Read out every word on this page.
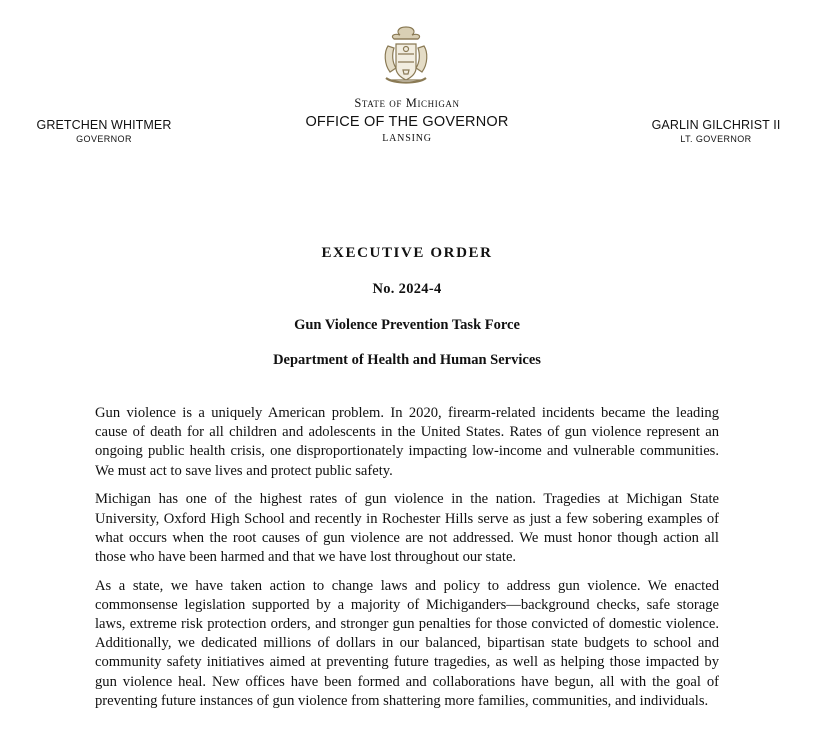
GRETCHEN WHITMER
GOVERNOR
State of Michigan
OFFICE OF THE GOVERNOR
LANSING
GARLIN GILCHRIST II
LT. GOVERNOR
EXECUTIVE ORDER
No. 2024-4
Gun Violence Prevention Task Force
Department of Health and Human Services

Gun violence is a uniquely American problem. In 2020, firearm-related incidents became the leading cause of death for all children and adolescents in the United States. Rates of gun violence represent an ongoing public health crisis, one disproportionately impacting low-income and vulnerable communities. We must act to save lives and protect public safety.

Michigan has one of the highest rates of gun violence in the nation. Tragedies at Michigan State University, Oxford High School and recently in Rochester Hills serve as just a few sobering examples of what occurs when the root causes of gun violence are not addressed. We must honor though action all those who have been harmed and that we have lost throughout our state.

As a state, we have taken action to change laws and policy to address gun violence. We enacted commonsense legislation supported by a majority of Michiganders—background checks, safe storage laws, extreme risk protection orders, and stronger gun penalties for those convicted of domestic violence. Additionally, we dedicated millions of dollars in our balanced, bipartisan state budgets to school and community safety initiatives aimed at preventing future tragedies, as well as helping those impacted by gun violence heal. New offices have been formed and collaborations have begun, all with the goal of preventing future instances of gun violence from shattering more families, communities, and individuals.
